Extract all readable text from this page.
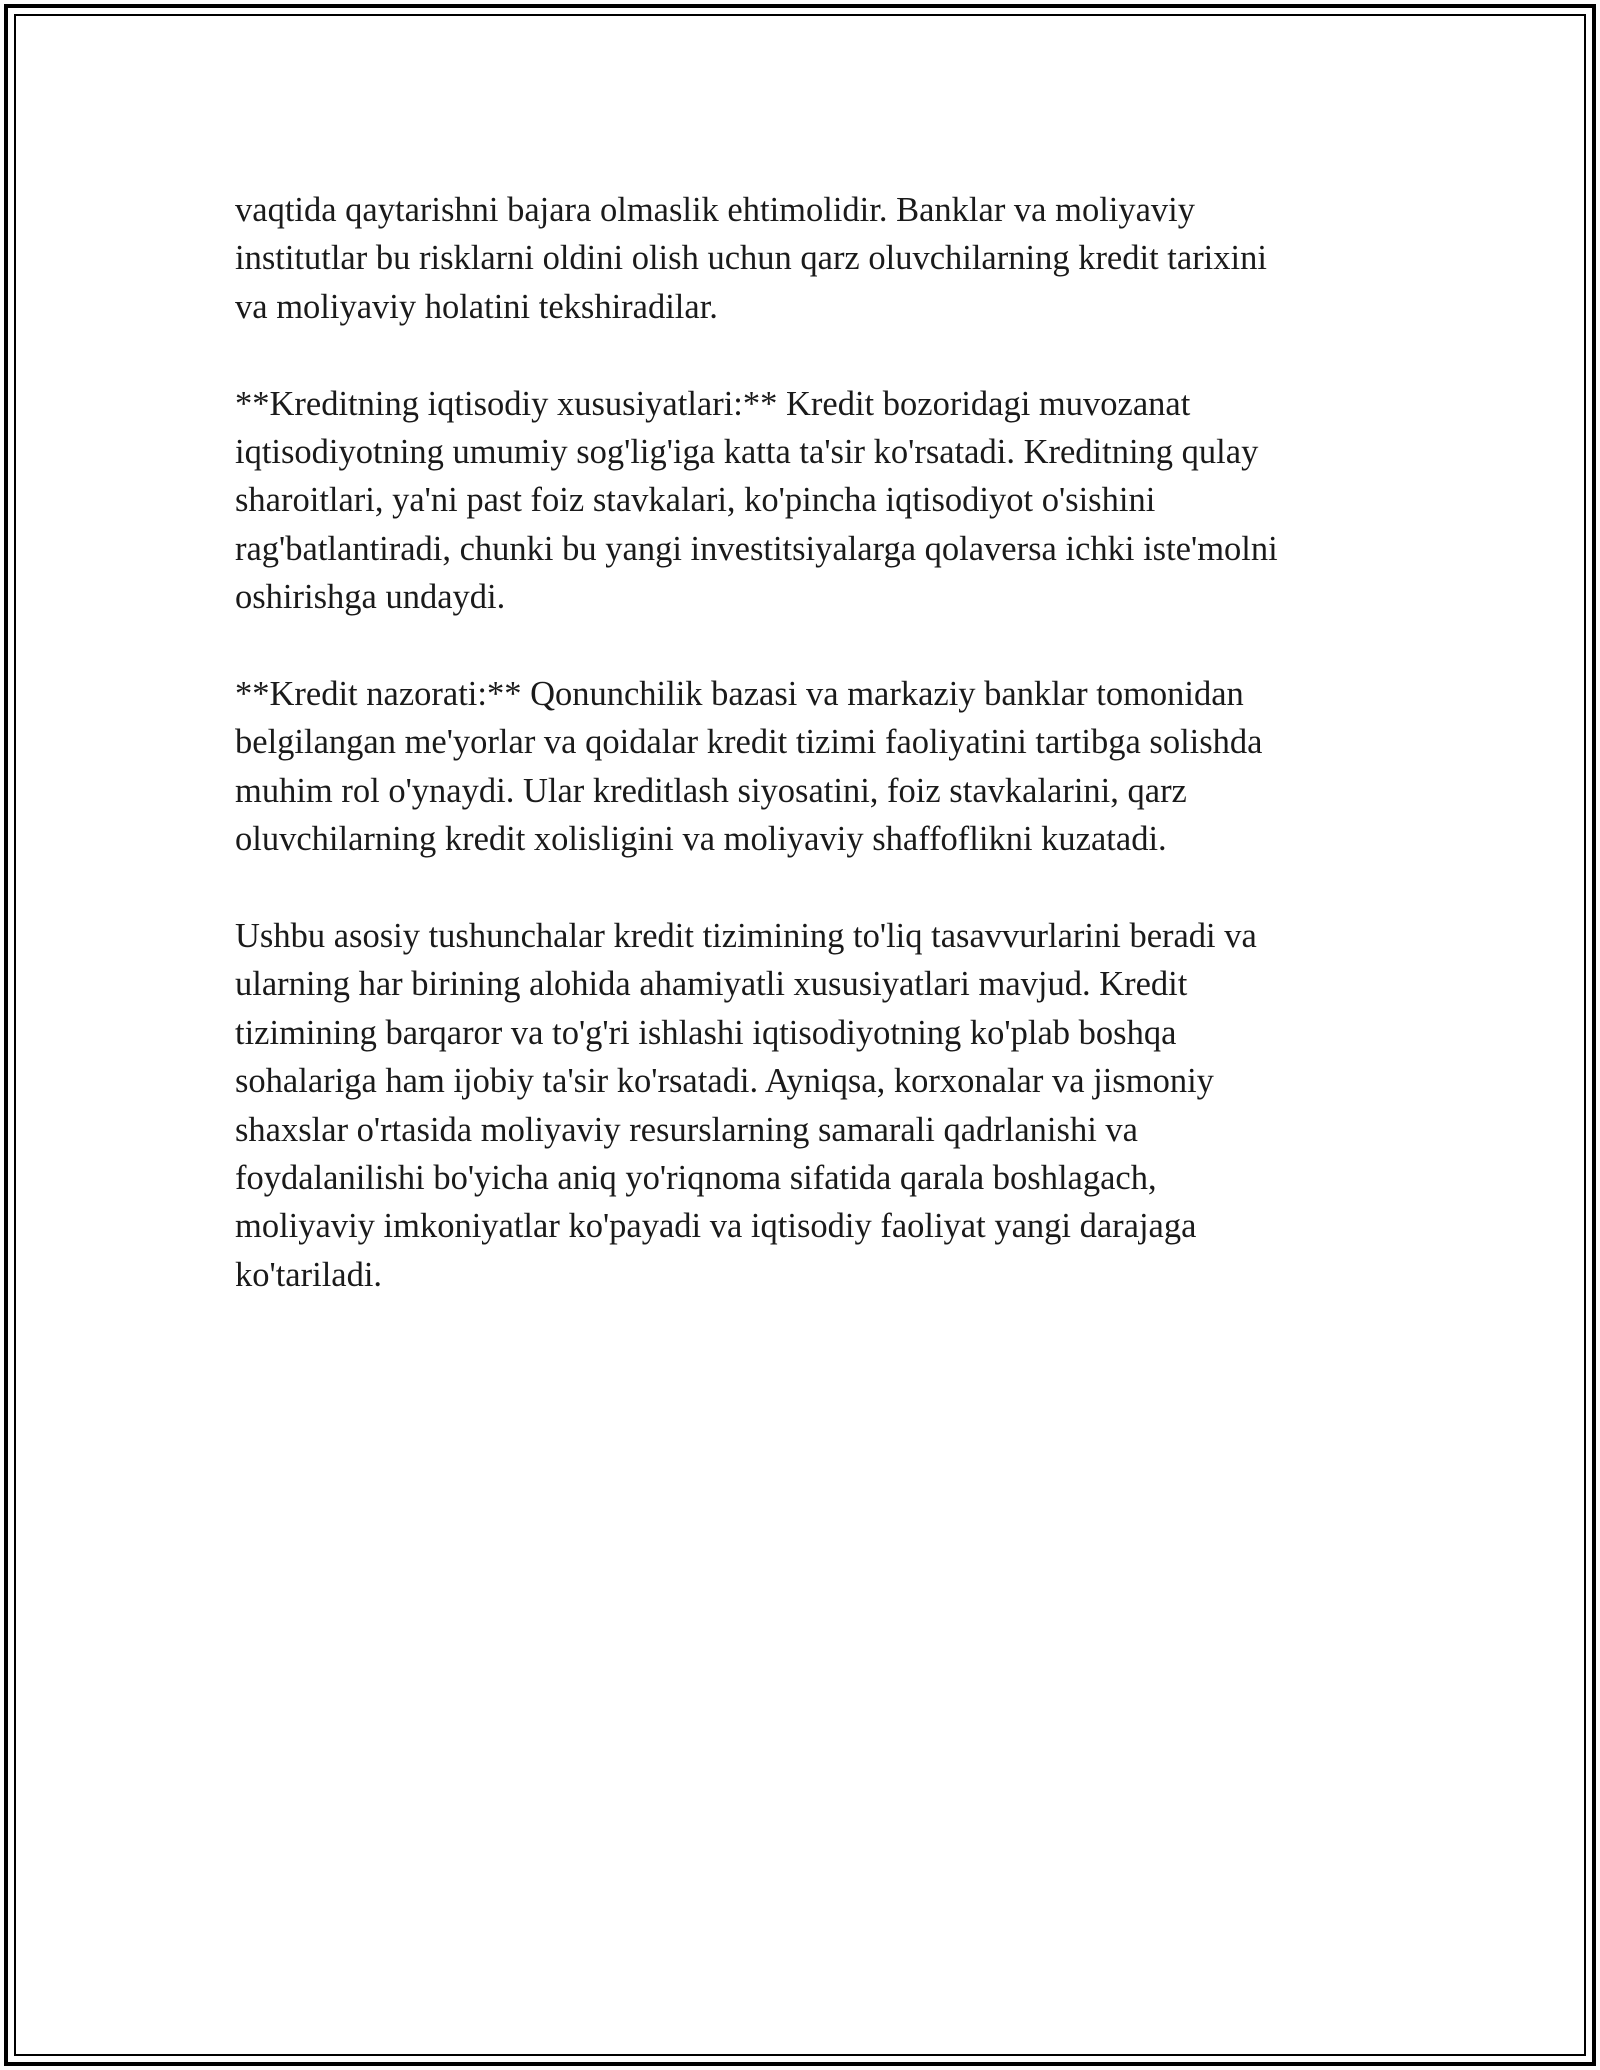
vaqtida qaytarishni bajara olmaslik ehtimolidir. Banklar va moliyaviy
institutlar bu risklarni oldini olish uchun qarz oluvchilarning kredit tarixini
va moliyaviy holatini tekshiradilar.

**Kreditning iqtisodiy xususiyatlari:** Kredit bozoridagi muvozanat
iqtisodiyotning umumiy sog'lig'iga katta ta'sir ko'rsatadi. Kreditning qulay
sharoitlari, ya'ni past foiz stavkalari, ko'pincha iqtisodiyot o'sishini
rag'batlantiradi, chunki bu yangi investitsiyalarga qolaversa ichki iste'molni
oshirishga undaydi.

**Kredit nazorati:** Qonunchilik bazasi va markaziy banklar tomonidan
belgilangan me'yorlar va qoidalar kredit tizimi faoliyatini tartibga solishda
muhim rol o'ynaydi. Ular kreditlash siyosatini, foiz stavkalarini, qarz
oluvchilarning kredit xolisligini va moliyaviy shaffoflikni kuzatadi.

Ushbu asosiy tushunchalar kredit tizimining to'liq tasavvurlarini beradi va
ularning har birining alohida ahamiyatli xususiyatlari mavjud. Kredit
tizimining barqaror va to'g'ri ishlashi iqtisodiyotning ko'plab boshqa
sohalariga ham ijobiy ta'sir ko'rsatadi. Ayniqsa, korxonalar va jismoniy
shaxslar o'rtasida moliyaviy resurslarning samarali qadrlanishi va
foydalanilishi bo'yicha aniq yo'riqnoma sifatida qarala boshlagach,
moliyaviy imkoniyatlar ko'payadi va iqtisodiy faoliyat yangi darajaga
ko'tariladi.
